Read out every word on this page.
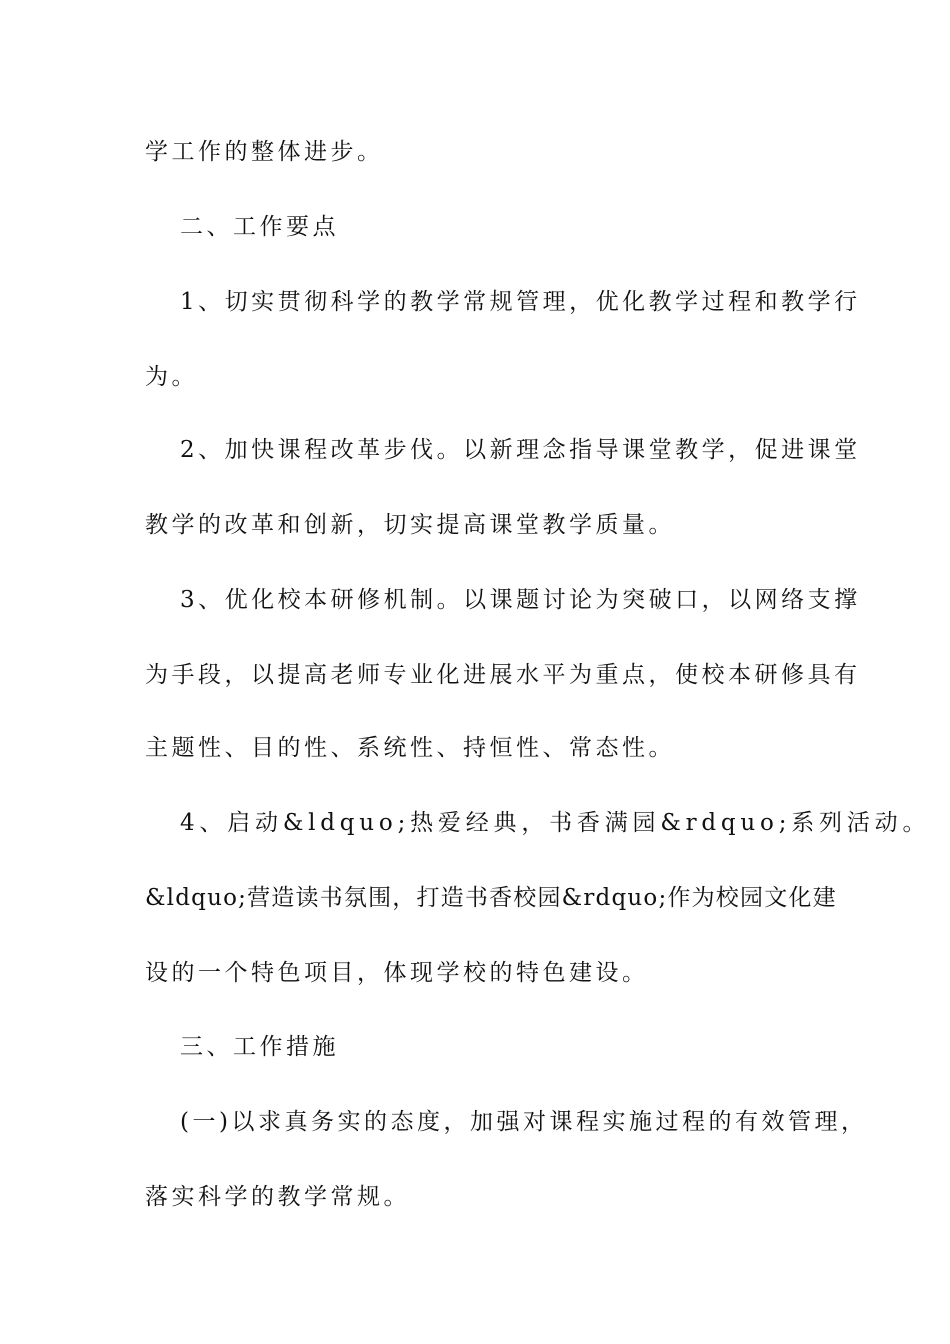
学工作的整体进步。
二、工作要点
1、切实贯彻科学的教学常规管理，优化教学过程和教学行
为。
2、加快课程改革步伐。以新理念指导课堂教学，促进课堂
教学的改革和创新，切实提高课堂教学质量。
3、优化校本研修机制。以课题讨论为突破口，以网络支撑
为手段，以提高老师专业化进展水平为重点，使校本研修具有
主题性、目的性、系统性、持恒性、常态性。
4、启动&ldquo;热爱经典，书香满园&rdquo;系列活动。
&ldquo;营造读书氛围，打造书香校园&rdquo;作为校园文化建
设的一个特色项目，体现学校的特色建设。
三、工作措施
(一)以求真务实的态度，加强对课程实施过程的有效管理，
落实科学的教学常规。
